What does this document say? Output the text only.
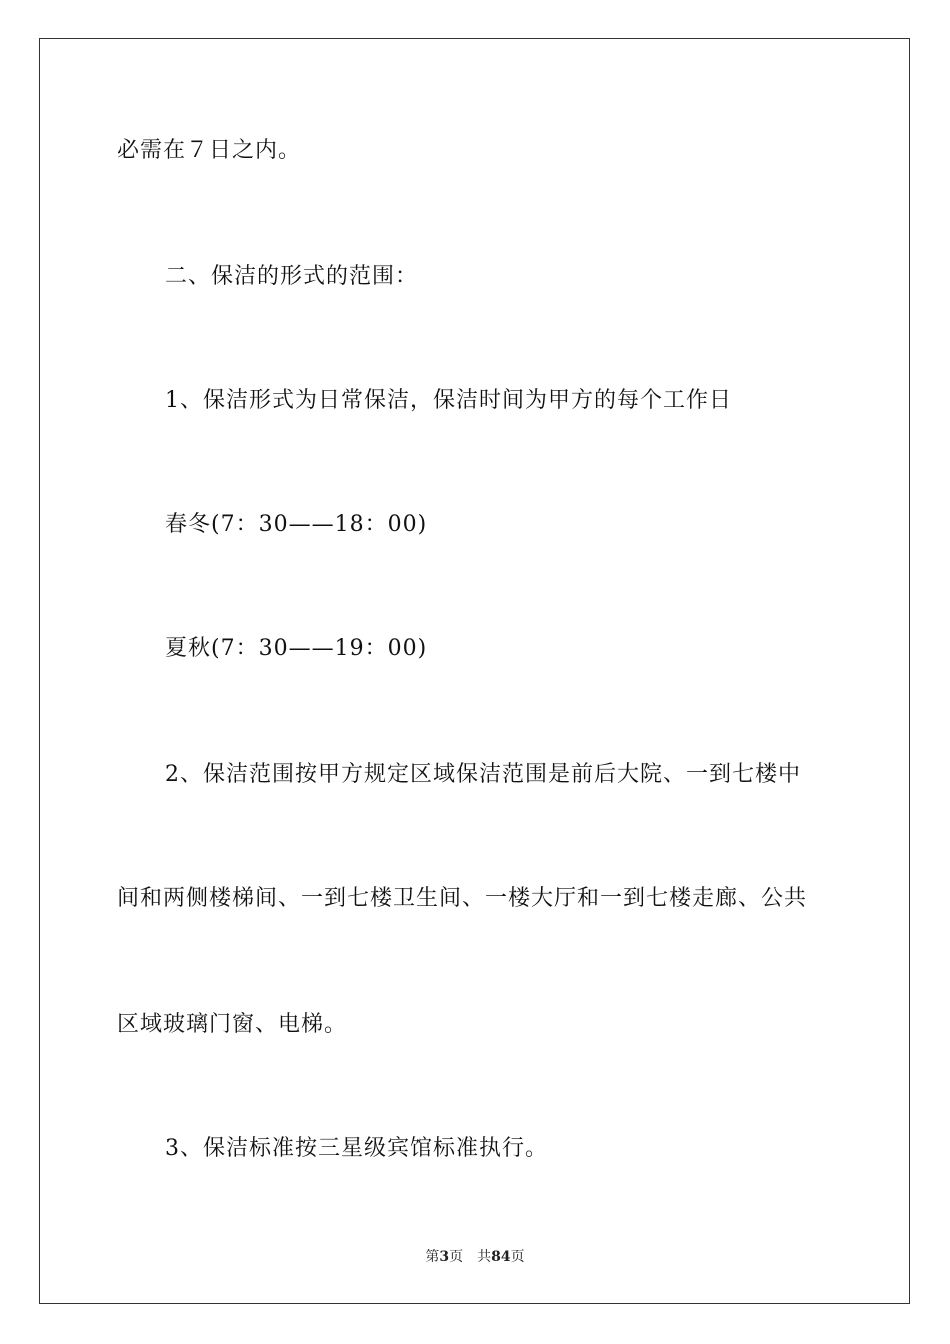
必需在７日之内。
二、保洁的形式的范围：
1、保洁形式为日常保洁，保洁时间为甲方的每个工作日
春冬(7：30——18：00)
夏秋(7：30——19：00)
2、保洁范围按甲方规定区域保洁范围是前后大院、一到七楼中
间和两侧楼梯间、一到七楼卫生间、一楼大厅和一到七楼走廊、公共
区域玻璃门窗、电梯。
3、保洁标准按三星级宾馆标准执行。
第3页 共84页
